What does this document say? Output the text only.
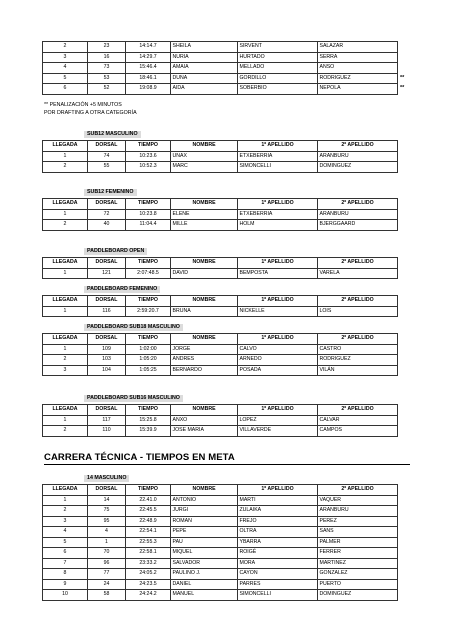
2	23	14:14.7	SHEILA	SIRVENT	SALAZAR	
3	16	14:29.7	NURIA	HURTADO	SERRA	
4	73	15:46.4	AMAIA	MELLADO	ANSO	
5	53	18:46.1	DUNA	GORDILLO	RODRIGUEZ	**
6	52	19:08.9	AIDA	SOBERBIO	NEPOLA	**
** PENALIZACIÓN +5 MINUTOS
POR DRAFTING A OTRA CATEGORÍA
SUB12 MASCULINO
LLEGADA	DORSAL	TIEMPO	NOMBRE	1º APELLIDO	2º APELLIDO
1	74	10:23.6	UNAX	ETXEBERRIA	ARANBURU
2	55	10:52.3	MARC	SIMONCELLI	DOMINGUEZ
SUB12 FEMENINO
LLEGADA	DORSAL	TIEMPO	NOMBRE	1º APELLIDO	2º APELLIDO
1	72	10:23.8	ELENE	ETXEBERRIA	ARANBURU
2	40	11:04.4	MILLE	HOLM	BJERGGAARD
PADDLEBOARD OPEN
LLEGADA	DORSAL	TIEMPO	NOMBRE	1º APELLIDO	2º APELLIDO
1	121	2:07:48.5	DAVID	BEMPOSTA	VARELA
PADDLEBOARD FEMENINO
LLEGADA	DORSAL	TIEMPO	NOMBRE	1º APELLIDO	2º APELLIDO
1	116	2:59:20.7	BRUNA	NICKELLE	LOIS
PADDLEBOARD SUB18 MASCULINO
LLEGADA	DORSAL	TIEMPO	NOMBRE	1º APELLIDO	2º APELLIDO
1	109	1:02:00	JORGE	CALVO	CASTRO
2	103	1:05:20	ANDRES	ARNEDO	RODRIGUEZ
3	104	1:05:25	BERNARDO	POSADA	VILÁN
PADDLEBOARD SUB16 MASCULINO
LLEGADA	DORSAL	TIEMPO	NOMBRE	1º APELLIDO	2º APELLIDO
1	117	15:25.8	ANXO	LOPEZ	CALVAR
2	110	15:39.9	JOSE MARIA	VILLAVERDE	CAMPOS
CARRERA TÉCNICA - TIEMPOS EN META
14 MASCULINO
LLEGADA	DORSAL	TIEMPO	NOMBRE	1º APELLIDO	2º APELLIDO
1	14	22.41.0	ANTONIO	MARTI	VAQUER
2	75	22:45.5	JURGI	ZULAIKA	ARANBURU
3	95	22:48.9	ROMAN	FREJO	PEREZ
4	4	22:54.1	PEPE	OLTRA	SANS
5	1	22:55.3	PAU	YBARRA	PALMER
6	70	22:58.1	MIQUEL	ROIGÉ	FERRER
7	96	23:33.2	SALVADOR	MORA	MARTINEZ
8	77	24:05.2	PAULINO J.	CAYON	GONZALEZ
9	24	24:23.5	DANIEL	PARRES	PUERTO
10	58	24:24.2	MANUEL	SIMONCELLI	DOMINGUEZ
